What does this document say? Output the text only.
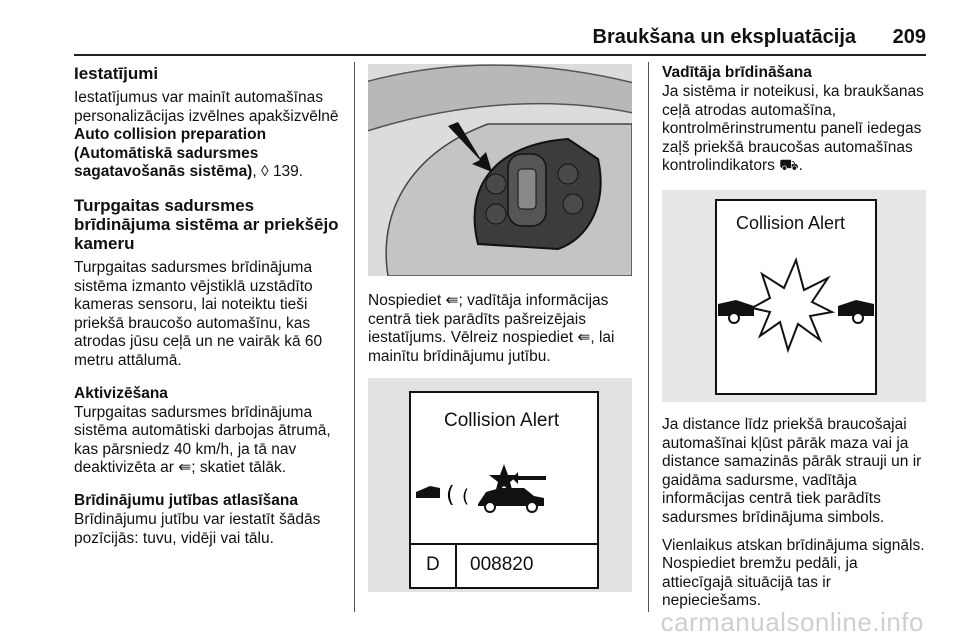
Braukšana un ekspluatācija 209
Iestatījumi

Iestatījumus var mainīt automašīnas personalizācijas izvēlnes apakšizvēlnē Auto collision preparation (Automātiskā sadursmes sagatavošanās sistēma), ◊ 139.

Turpgaitas sadursmes brīdinājuma sistēma ar priekšējo kameru

Turpgaitas sadursmes brīdinājuma sistēma izmanto vējstiklā uzstādīto kameras sensoru, lai noteiktu tieši priekšā braucošo automašīnu, kas atrodas jūsu ceļā un ne vairāk kā 60 metru attālumā.

Aktivizēšana

Turpgaitas sadursmes brīdinājuma sistēma automātiski darbojas ātrumā, kas pārsniedz 40 km/h, ja tā nav deaktivizēta ar ⇚; skatiet tālāk.

Brīdinājumu jutības atlasīšana

Brīdinājumu jutību var iestatīt šādās pozīcijās: tuvu, vidēji vai tālu.

Nospiediet ⇚; vadītāja informācijas centrā tiek parādīts pašreizējais iestatījums. Vēlreiz nospiediet ⇚, lai mainītu brīdinājumu jutību.

( (
Collision Alert
D 008820
Vadītāja brīdināšana

Ja sistēma ir noteikusi, ka braukšanas ceļā atrodas automašīna, kontrolmērinstrumentu panelī iedegas zaļš priekšā braucošas automašīnas kontrolindikators ⛟.

Collision Alert

Ja distance līdz priekšā braucošajai automašīnai kļūst pārāk maza vai ja distance samazinās pārāk strauji un ir gaidāma sadursme, vadītāja informācijas centrā tiek parādīts sadursmes brīdinājuma simbols.

Vienlaikus atskan brīdinājuma signāls. Nospiediet bremžu pedāli, ja attiecīgajā situācijā tas ir nepieciešams.

carmanualsonline.info
